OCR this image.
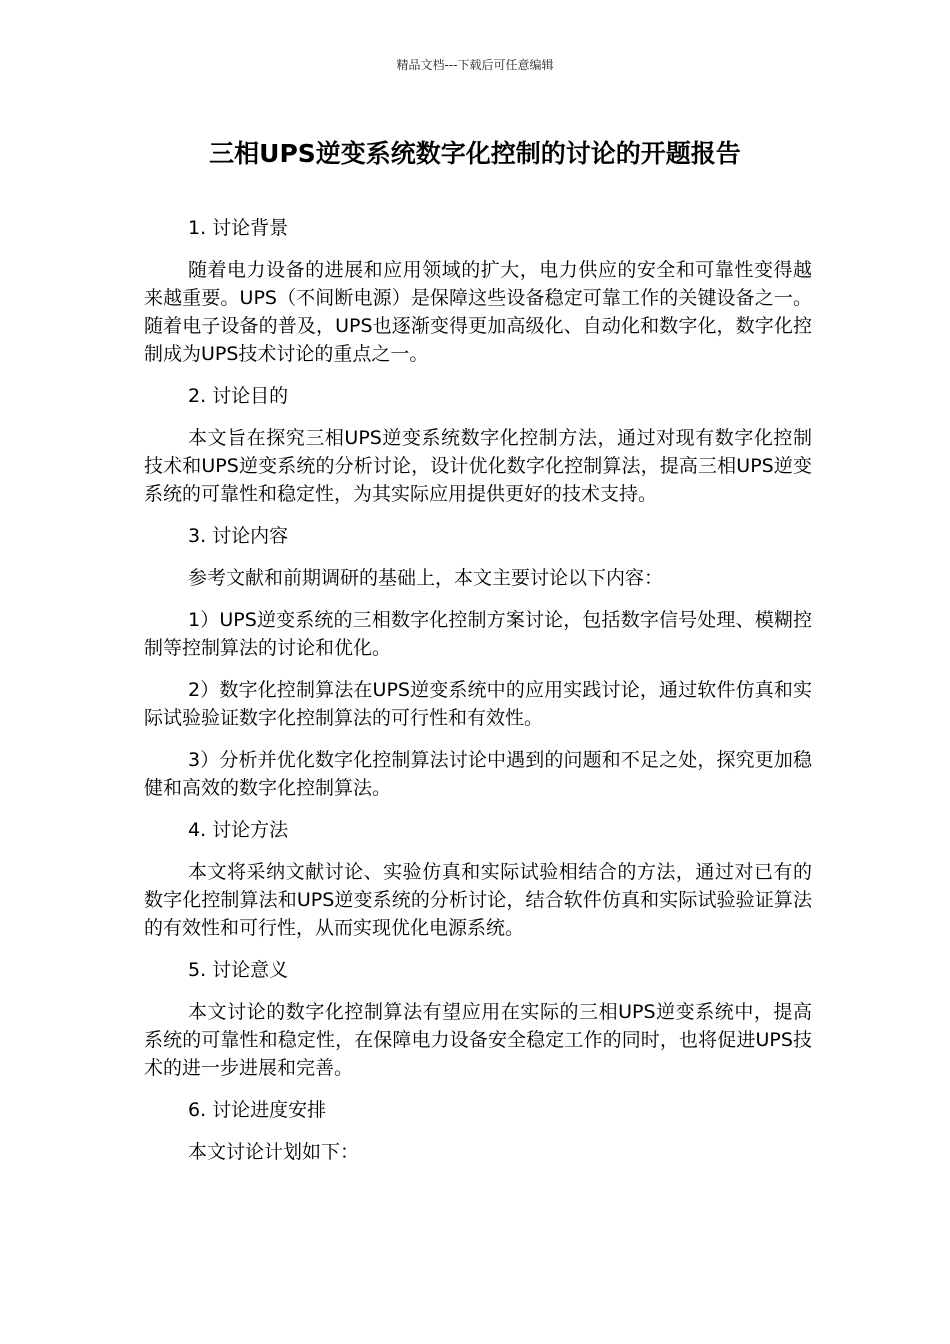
精品文档---下载后可任意编辑
三相UPS逆变系统数字化控制的讨论的开题报告

1. 讨论背景

随着电力设备的进展和应用领域的扩大，电力供应的安全和可靠性变得越来越重要。UPS（不间断电源）是保障这些设备稳定可靠工作的关键设备之一。随着电子设备的普及，UPS也逐渐变得更加高级化、自动化和数字化，数字化控制成为UPS技术讨论的重点之一。

2. 讨论目的

本文旨在探究三相UPS逆变系统数字化控制方法，通过对现有数字化控制技术和UPS逆变系统的分析讨论，设计优化数字化控制算法，提高三相UPS逆变系统的可靠性和稳定性，为其实际应用提供更好的技术支持。

3. 讨论内容

参考文献和前期调研的基础上，本文主要讨论以下内容：

1）UPS逆变系统的三相数字化控制方案讨论，包括数字信号处理、模糊控制等控制算法的讨论和优化。

2）数字化控制算法在UPS逆变系统中的应用实践讨论，通过软件仿真和实际试验验证数字化控制算法的可行性和有效性。

3）分析并优化数字化控制算法讨论中遇到的问题和不足之处，探究更加稳健和高效的数字化控制算法。

4. 讨论方法

本文将采纳文献讨论、实验仿真和实际试验相结合的方法，通过对已有的数字化控制算法和UPS逆变系统的分析讨论，结合软件仿真和实际试验验证算法的有效性和可行性，从而实现优化电源系统。

5. 讨论意义

本文讨论的数字化控制算法有望应用在实际的三相UPS逆变系统中，提高系统的可靠性和稳定性，在保障电力设备安全稳定工作的同时，也将促进UPS技术的进一步进展和完善。

6. 讨论进度安排

本文讨论计划如下：
